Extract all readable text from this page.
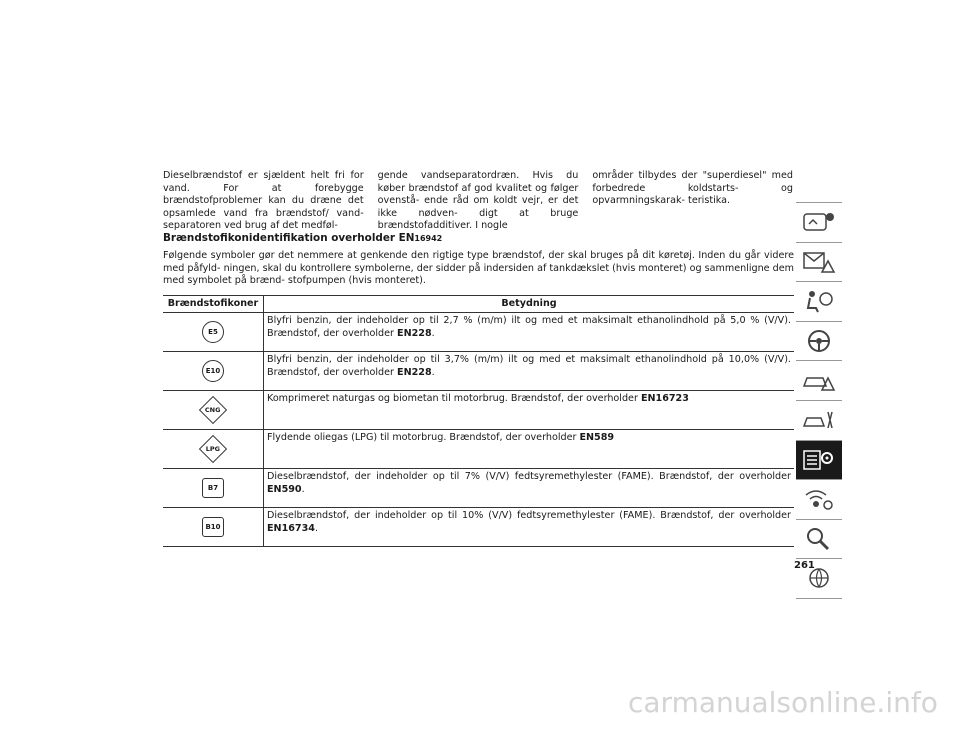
Dieselbrændstof er sjældent helt fri for vand. For at forebygge brændstofproblemer kan du dræne det opsamlede vand fra brændstof/ vand-separatoren ved brug af det medføl-

gende vandseparatordræn. Hvis du køber brændstof af god kvalitet og følger ovenstå- ende råd om koldt vejr, er det ikke nødven- digt at bruge brændstofadditiver. I nogle

områder tilbydes der "superdiesel" med forbedrede koldstarts- og opvarmningskarak- teristika.

Brændstofikonidentifikation overholder EN16942

Følgende symboler gør det nemmere at genkende den rigtige type brændstof, der skal bruges på dit køretøj. Inden du går videre med påfyld- ningen, skal du kontrollere symbolerne, der sidder på indersiden af tankdækslet (hvis monteret) og sammenligne dem med symbolet på brænd- stofpumpen (hvis monteret).

Brændstofikoner	Betydning

E5	Blyfri benzin, der indeholder op til 2,7 % (m/m) ilt og med et maksimalt ethanolindhold på 5,0 % (V/V). Brændstof, der overholder EN228.

E10	Blyfri benzin, der indeholder op til 3,7% (m/m) ilt og med et maksimalt ethanolindhold på 10,0% (V/V). Brændstof, der overholder EN228.

CNG	Komprimeret naturgas og biometan til motorbrug. Brændstof, der overholder EN16723

LPG	Flydende oliegas (LPG) til motorbrug. Brændstof, der overholder EN589

B7	Dieselbrændstof, der indeholder op til 7% (V/V) fedtsyremethylester (FAME). Brændstof, der overholder EN590.

B10	Dieselbrændstof, der indeholder op til 10% (V/V) fedtsyremethylester (FAME). Brændstof, der overholder EN16734.
261
carmanualsonline.info
